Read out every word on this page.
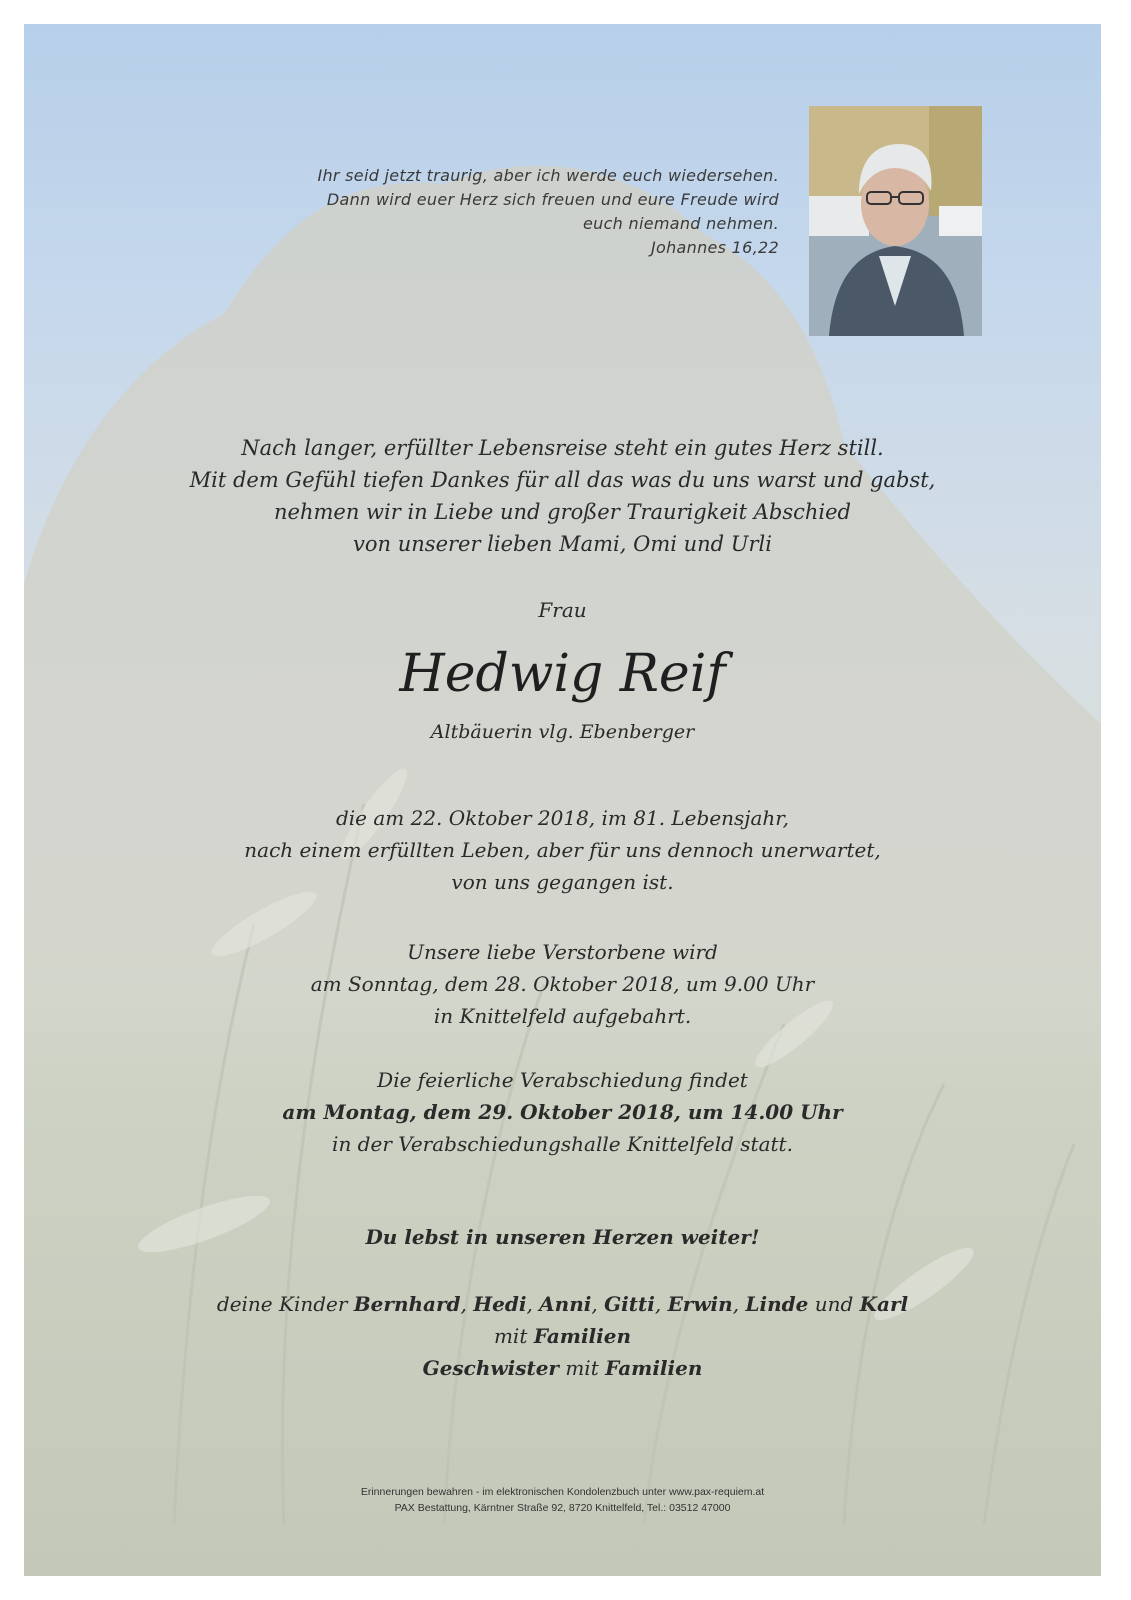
Ihr seid jetzt traurig, aber ich werde euch wiedersehen.
Dann wird euer Herz sich freuen und eure Freude wird
euch niemand nehmen.
Johannes 16,22
Nach langer, erfüllter Lebensreise steht ein gutes Herz still.
Mit dem Gefühl tiefen Dankes für all das was du uns warst und gabst,
nehmen wir in Liebe und großer Traurigkeit Abschied
von unserer lieben Mami, Omi und Urli
Frau
Hedwig Reif
Altbäuerin vlg. Ebenberger
die am 22. Oktober 2018, im 81. Lebensjahr,
nach einem erfüllten Leben, aber für uns dennoch unerwartet,
von uns gegangen ist.
Unsere liebe Verstorbene wird
am Sonntag, dem 28. Oktober 2018, um 9.00 Uhr
in Knittelfeld aufgebahrt.
Die feierliche Verabschiedung findet
am Montag, dem 29. Oktober 2018, um 14.00 Uhr
in der Verabschiedungshalle Knittelfeld statt.
Du lebst in unseren Herzen weiter!
deine Kinder Bernhard, Hedi, Anni, Gitti, Erwin, Linde und Karl
mit Familien
Geschwister mit Familien
Erinnerungen bewahren - im elektronischen Kondolenzbuch unter www.pax-requiem.at
PAX Bestattung, Kärntner Straße 92, 8720 Knittelfeld, Tel.: 03512 47000
